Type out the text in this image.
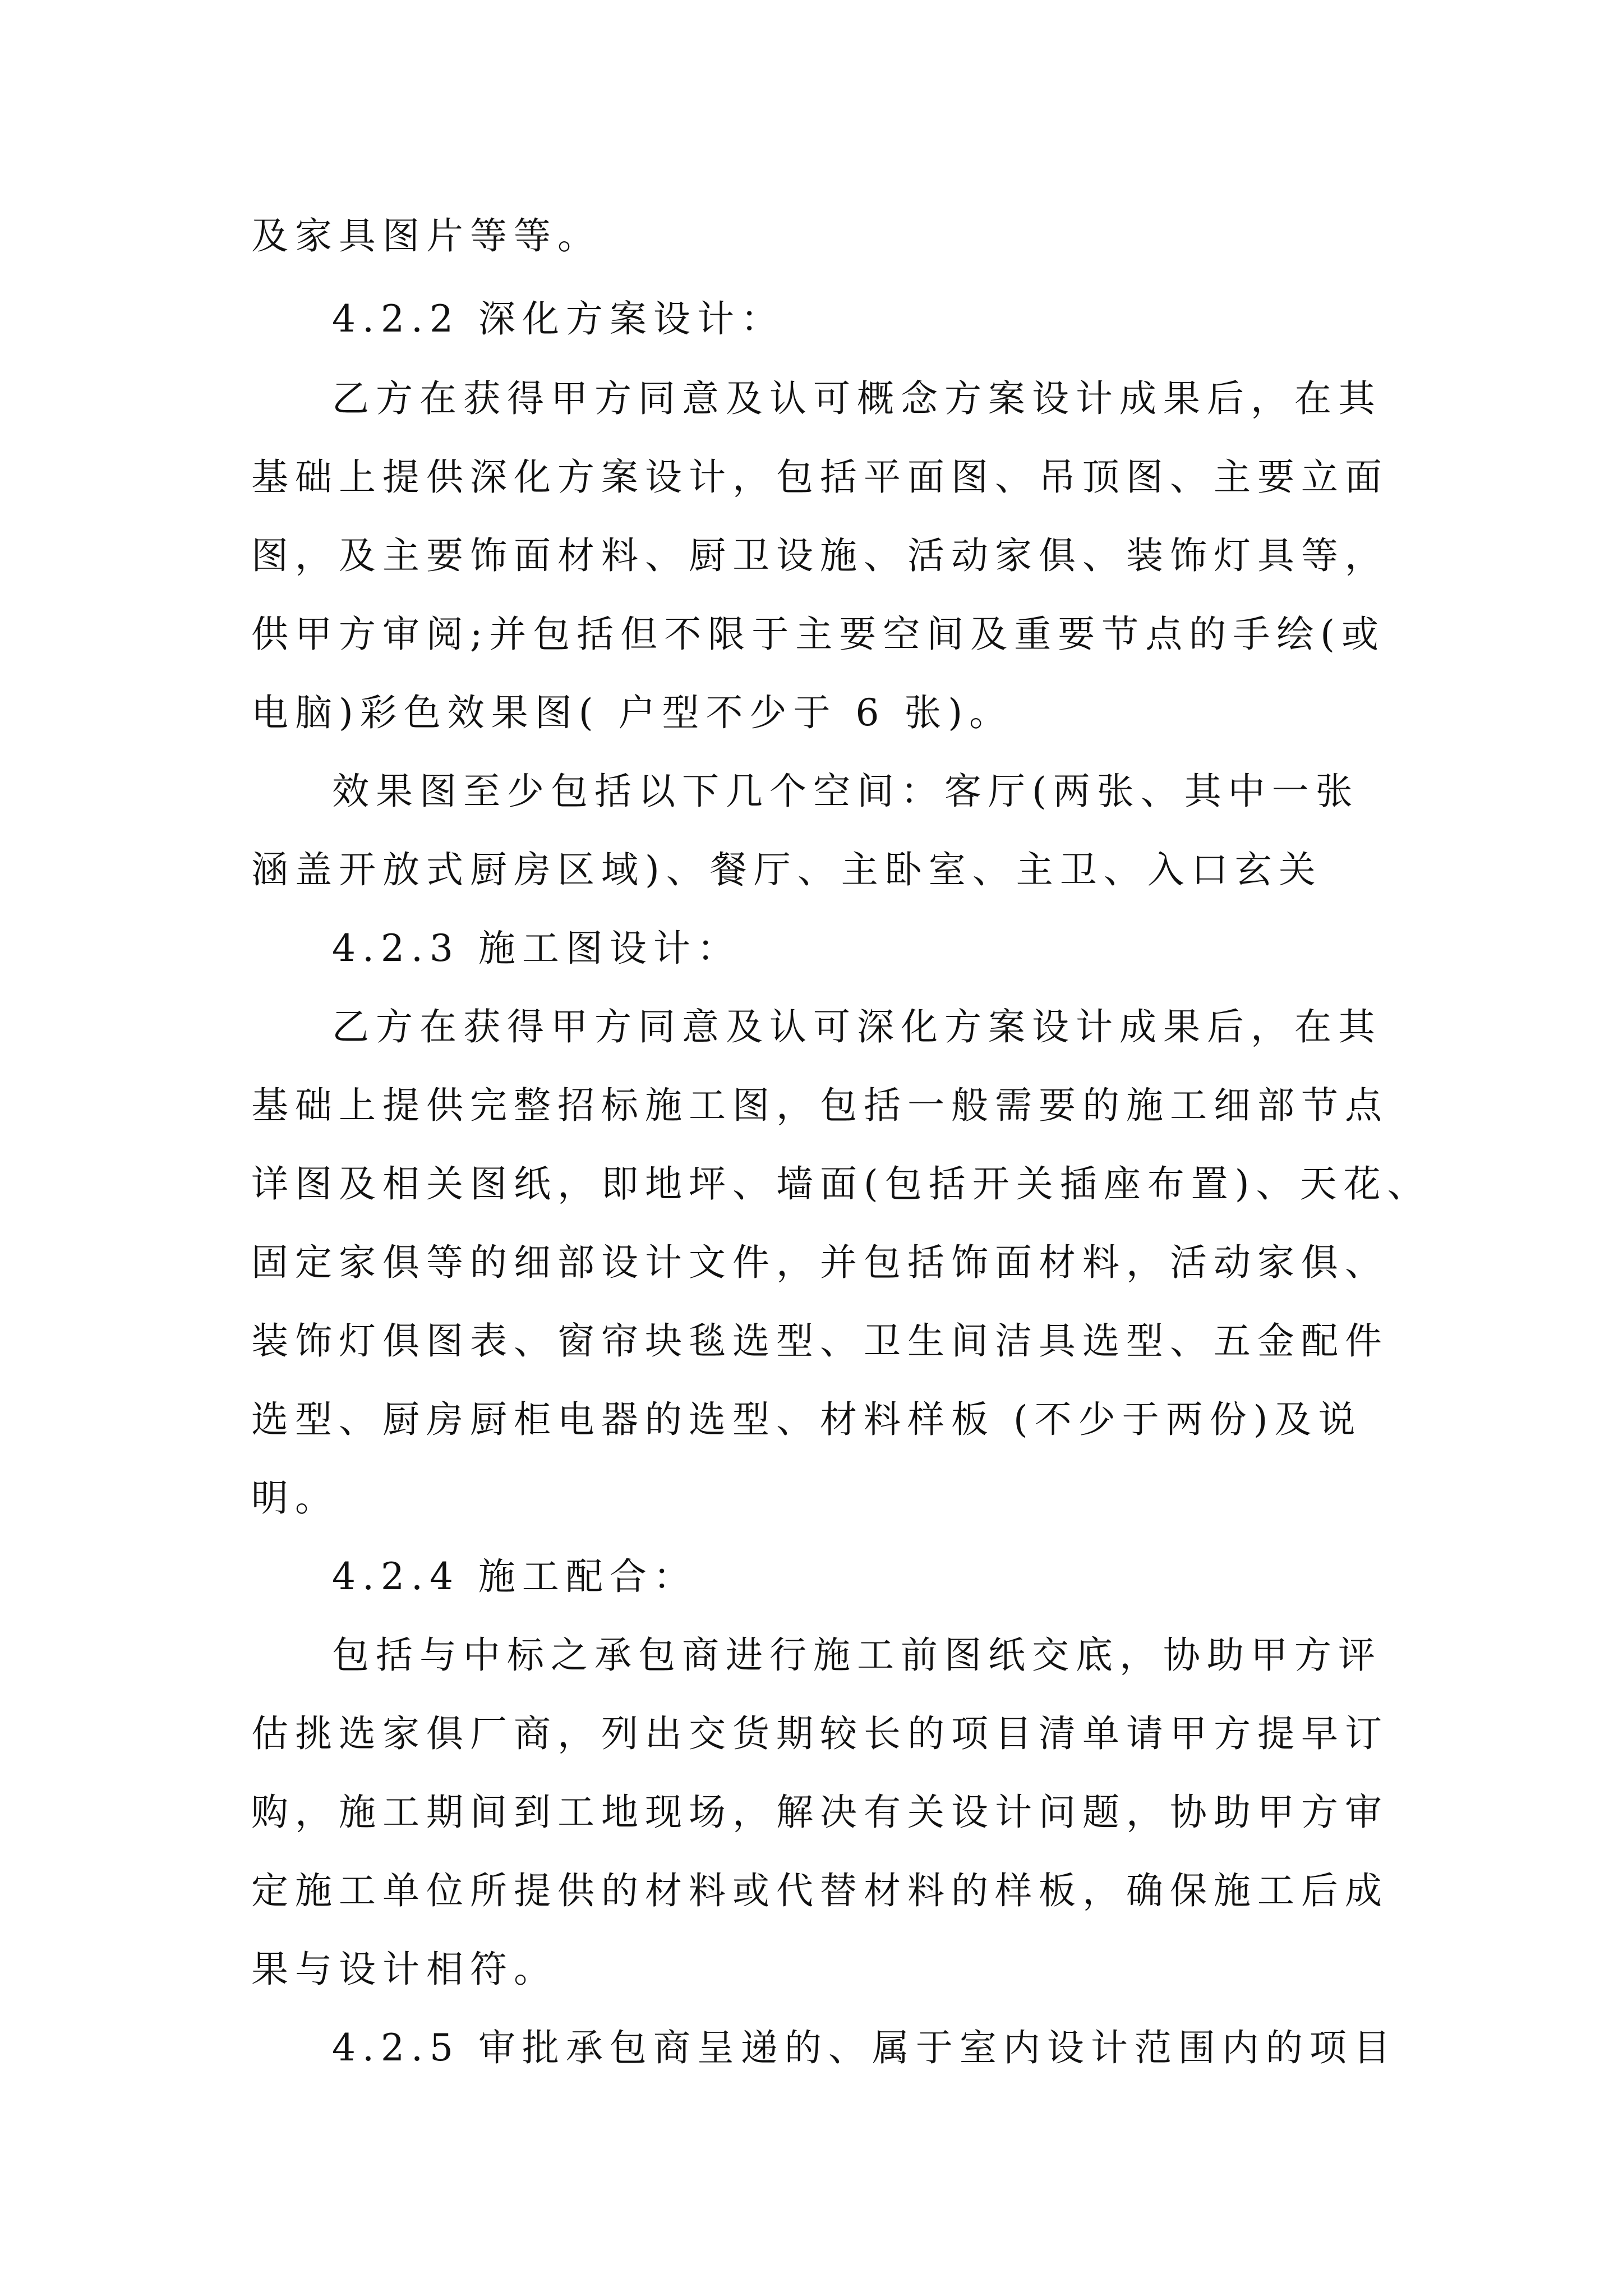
及家具图片等等。
4.2.2 深化方案设计：
乙方在获得甲方同意及认可概念方案设计成果后，在其
基础上提供深化方案设计，包括平面图、吊顶图、主要立面
图，及主要饰面材料、厨卫设施、活动家俱、装饰灯具等，
供甲方审阅;并包括但不限于主要空间及重要节点的手绘(或
电脑)彩色效果图( 户型不少于 6 张)。
效果图至少包括以下几个空间：客厅(两张、其中一张
涵盖开放式厨房区域)、餐厅、主卧室、主卫、入口玄关
4.2.3 施工图设计：
乙方在获得甲方同意及认可深化方案设计成果后，在其
基础上提供完整招标施工图，包括一般需要的施工细部节点
详图及相关图纸，即地坪、墙面(包括开关插座布置)、天花、
固定家俱等的细部设计文件，并包括饰面材料，活动家俱、
装饰灯俱图表、窗帘块毯选型、卫生间洁具选型、五金配件
选型、厨房厨柜电器的选型、材料样板 (不少于两份)及说
明。
4.2.4 施工配合：
包括与中标之承包商进行施工前图纸交底，协助甲方评
估挑选家俱厂商，列出交货期较长的项目清单请甲方提早订
购，施工期间到工地现场，解决有关设计问题，协助甲方审
定施工单位所提供的材料或代替材料的样板，确保施工后成
果与设计相符。
4.2.5 审批承包商呈递的、属于室内设计范围内的项目
